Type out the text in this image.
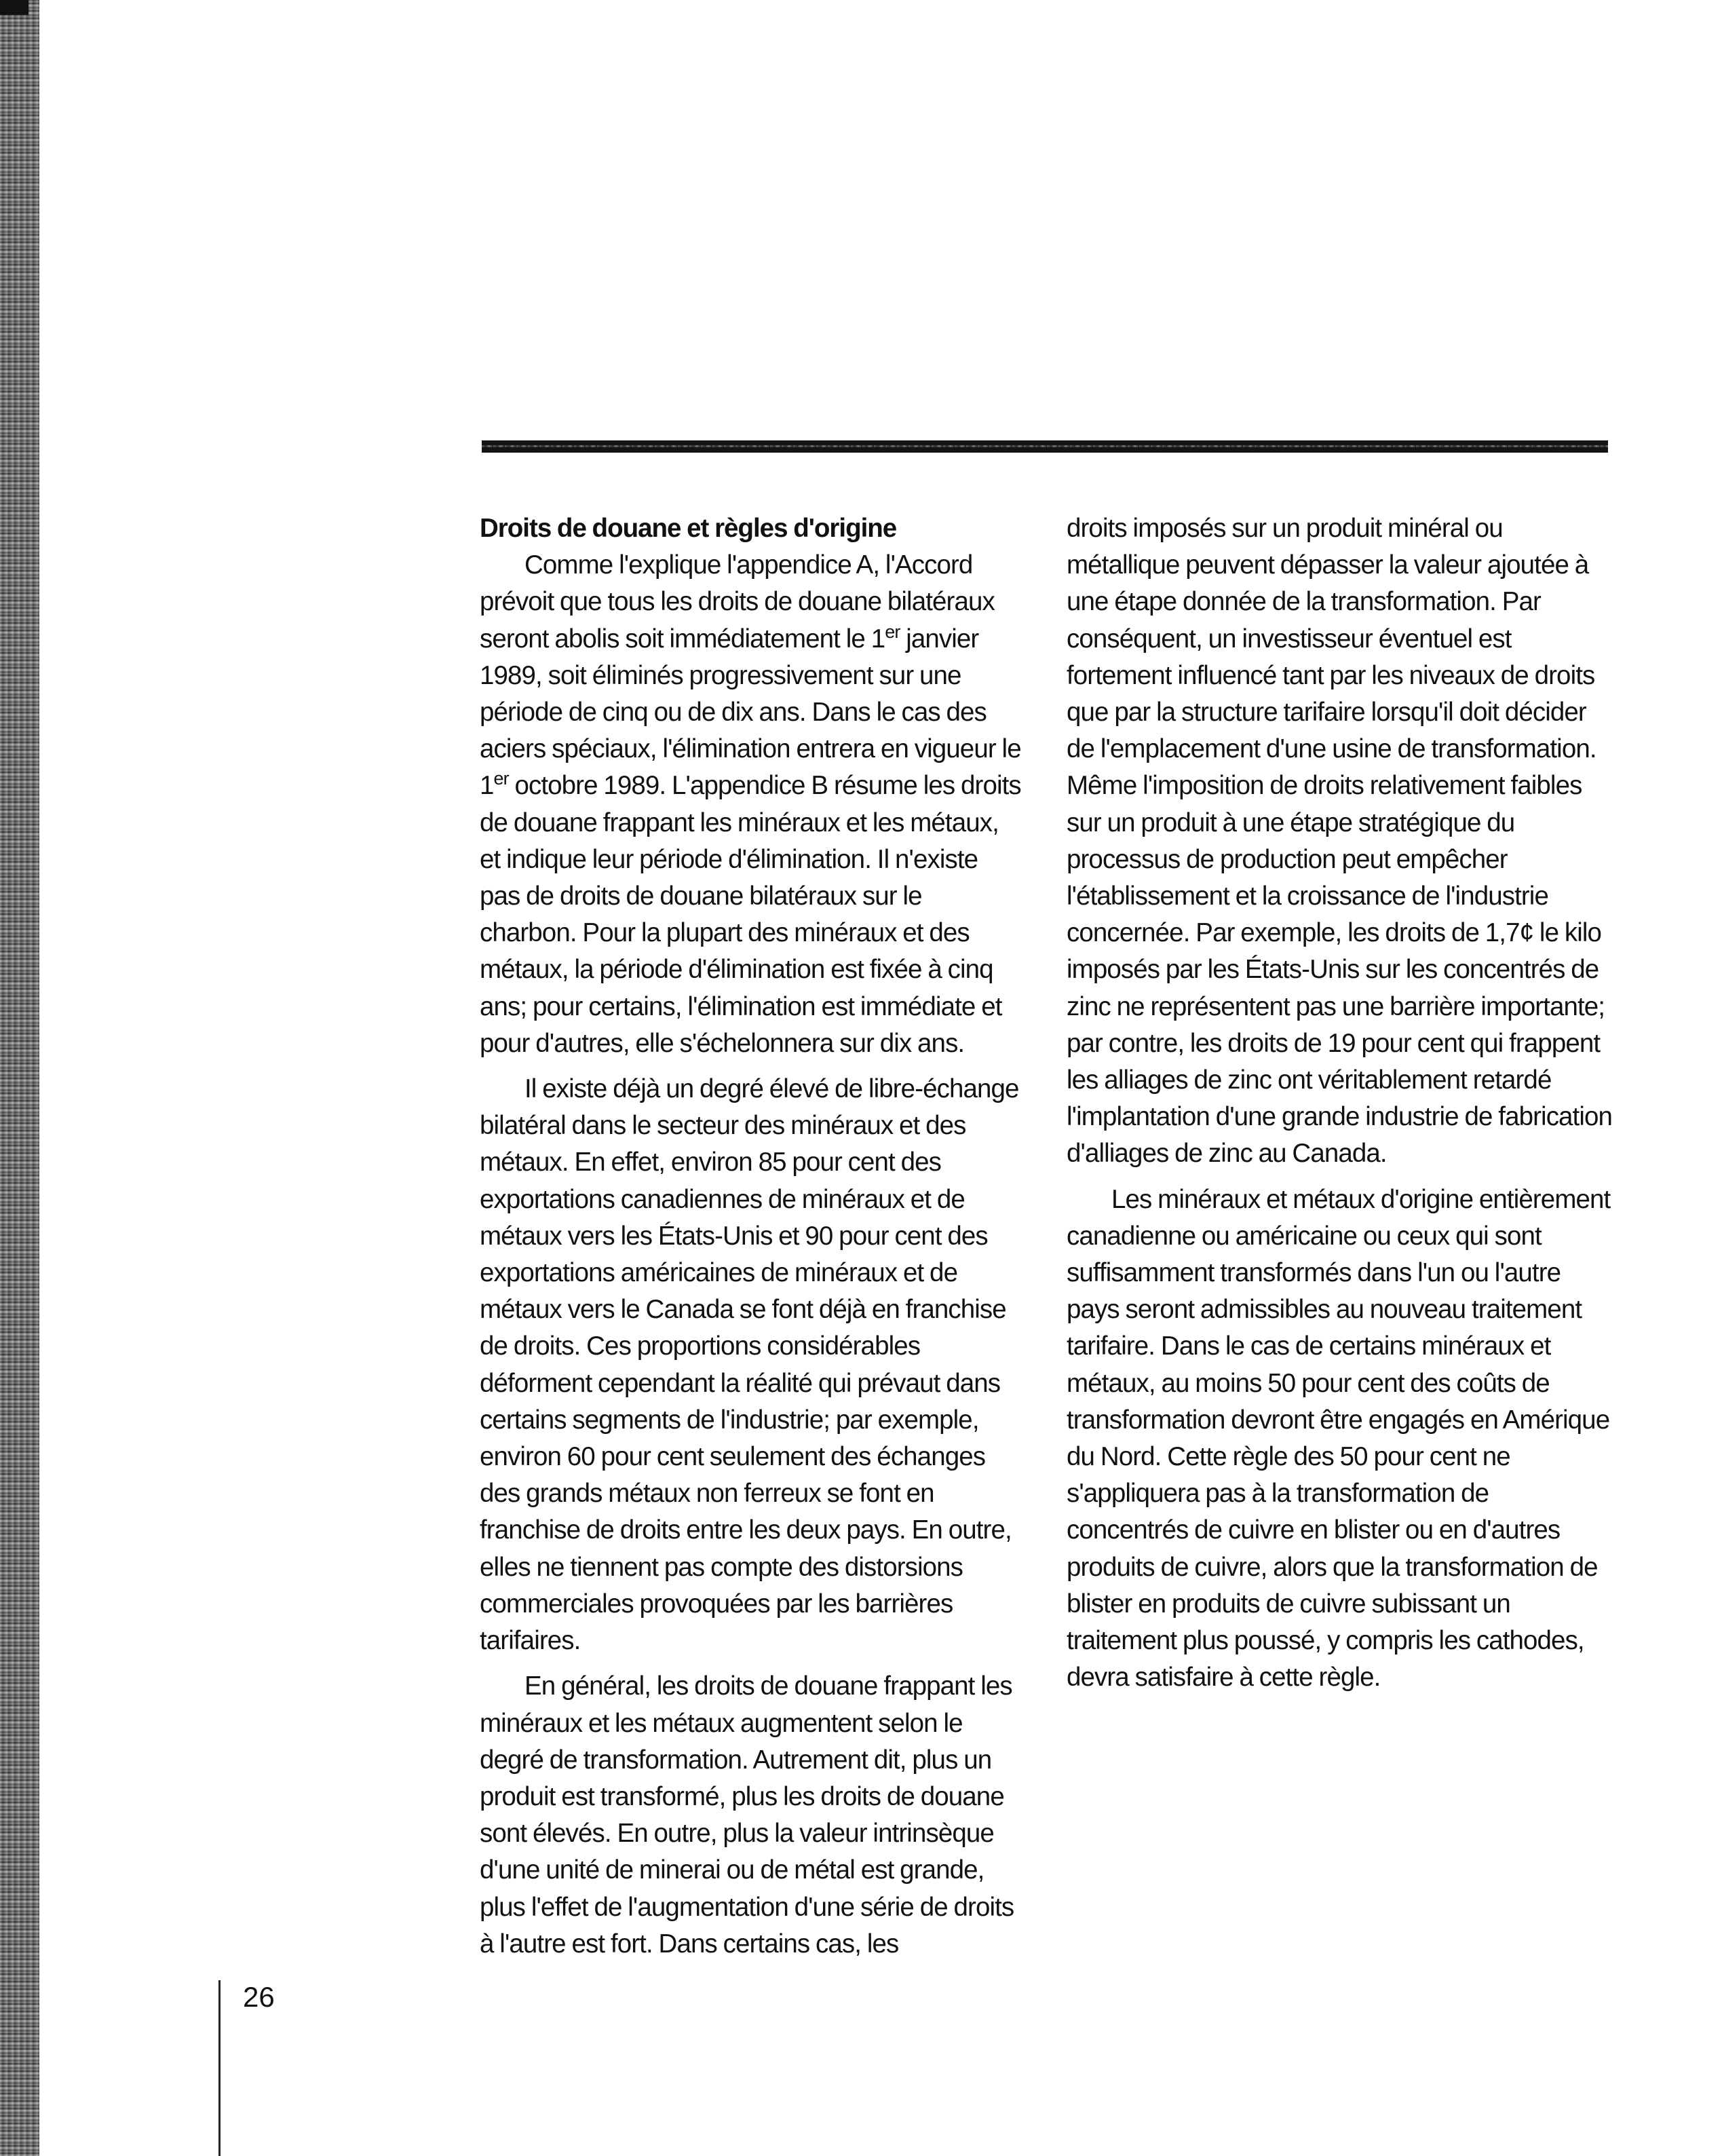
Droits de douane et règles d'origine

Comme l'explique l'appendice A, l'Accord prévoit que tous les droits de douane bilatéraux seront abolis soit immédiatement le 1er janvier 1989, soit éliminés progressivement sur une période de cinq ou de dix ans. Dans le cas des aciers spéciaux, l'élimination entrera en vigueur le 1er octobre 1989. L'appendice B résume les droits de douane frappant les minéraux et les métaux, et indique leur période d'élimination. Il n'existe pas de droits de douane bilatéraux sur le charbon. Pour la plupart des minéraux et des métaux, la période d'élimination est fixée à cinq ans; pour certains, l'élimination est immédiate et pour d'autres, elle s'échelonnera sur dix ans.

Il existe déjà un degré élevé de libre-échange bilatéral dans le secteur des minéraux et des métaux. En effet, environ 85 pour cent des exportations canadiennes de minéraux et de métaux vers les États-Unis et 90 pour cent des exportations américaines de minéraux et de métaux vers le Canada se font déjà en franchise de droits. Ces proportions considérables déforment cependant la réalité qui prévaut dans certains segments de l'industrie; par exemple, environ 60 pour cent seulement des échanges des grands métaux non ferreux se font en franchise de droits entre les deux pays. En outre, elles ne tiennent pas compte des distorsions commerciales provoquées par les barrières tarifaires.

En général, les droits de douane frappant les minéraux et les métaux augmentent selon le degré de transformation. Autrement dit, plus un produit est transformé, plus les droits de douane sont élevés. En outre, plus la valeur intrinsèque d'une unité de minerai ou de métal est grande, plus l'effet de l'augmentation d'une série de droits à l'autre est fort. Dans certains cas, les

droits imposés sur un produit minéral ou métallique peuvent dépasser la valeur ajoutée à une étape donnée de la transformation. Par conséquent, un investisseur éventuel est fortement influencé tant par les niveaux de droits que par la structure tarifaire lorsqu'il doit décider de l'emplacement d'une usine de transformation. Même l'imposition de droits relativement faibles sur un produit à une étape stratégique du processus de production peut empêcher l'établissement et la croissance de l'industrie concernée. Par exemple, les droits de 1,7¢ le kilo imposés par les États-Unis sur les concentrés de zinc ne représentent pas une barrière importante; par contre, les droits de 19 pour cent qui frappent les alliages de zinc ont véritablement retardé l'implantation d'une grande industrie de fabrication d'alliages de zinc au Canada.

Les minéraux et métaux d'origine entièrement canadienne ou américaine ou ceux qui sont suffisamment transformés dans l'un ou l'autre pays seront admissibles au nouveau traitement tarifaire. Dans le cas de certains minéraux et métaux, au moins 50 pour cent des coûts de transformation devront être engagés en Amérique du Nord. Cette règle des 50 pour cent ne s'appliquera pas à la transformation de concentrés de cuivre en blister ou en d'autres produits de cuivre, alors que la transformation de blister en produits de cuivre subissant un traitement plus poussé, y compris les cathodes, devra satisfaire à cette règle.

26
